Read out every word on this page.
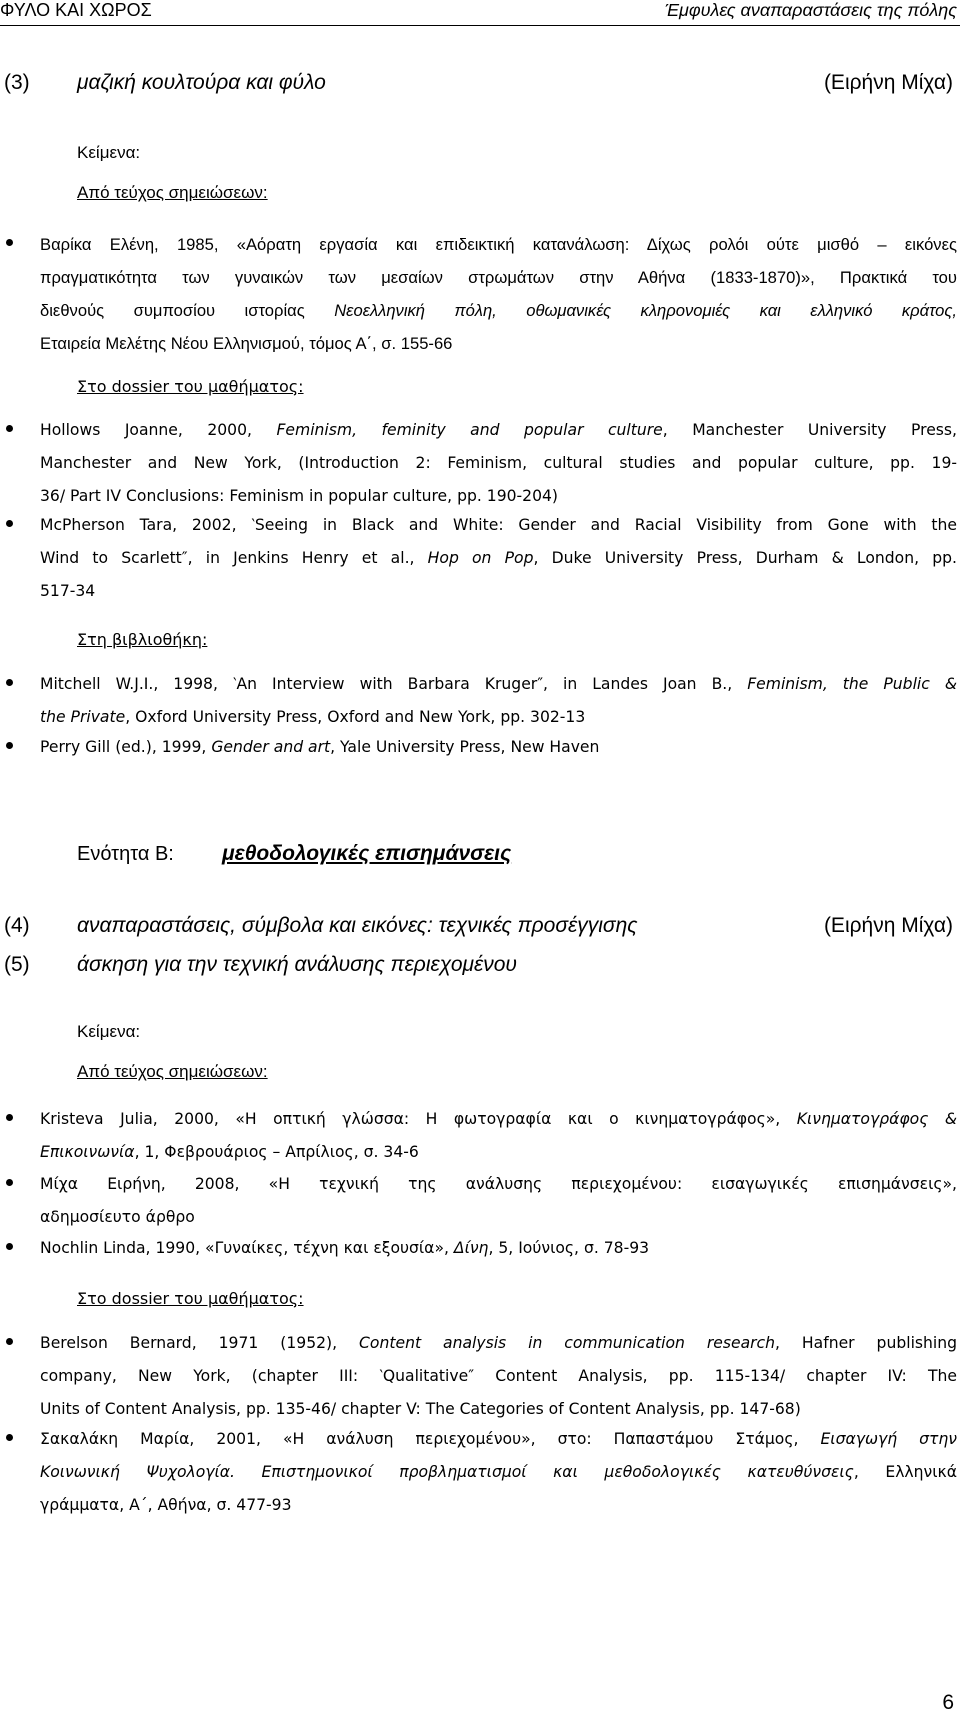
ΦΥΛΟ ΚΑΙ ΧΩΡΟΣ	Έμφυλες αναπαραστάσεις της πόλης
(3) μαζική κουλτούρα και φύλο	(Ειρήνη Μίχα)
Κείμενα:
Από τεύχος σημειώσεων:
Βαρίκα Ελένη, 1985, «Αόρατη εργασία και επιδεικτική κατανάλωση: Δίχως ρολόι ούτε μισθό – εικόνες
πραγματικότητα των γυναικών των μεσαίων στρωμάτων στην Αθήνα (1833-1870)», Πρακτικά του
διεθνούς συμποσίου ιστορίας Νεοελληνική πόλη, οθωμανικές κληρονομιές και ελληνικό κράτος,
Εταιρεία Μελέτης Νέου Ελληνισμού, τόμος Α΄, σ. 155-66
Στο dossier του μαθήματος:
Hollows Joanne, 2000, Feminism, feminity and popular culture, Manchester University Press,
Manchester and New York, (Introduction 2: Feminism, cultural studies and popular culture, pp. 19-
36/ Part IV Conclusions: Feminism in popular culture, pp. 190-204)
McPherson Tara, 2002, ‵Seeing in Black and White: Gender and Racial Visibility from Gone with the
Wind to Scarlett″, in Jenkins Henry et al., Hop on Pop, Duke University Press, Durham & London, pp.
517-34
Στη βιβλιοθήκη:
Mitchell W.J.I., 1998, ‵An Interview with Barbara Kruger″, in Landes Joan B., Feminism, the Public &
the Private, Oxford University Press, Oxford and New York, pp. 302-13
Perry Gill (ed.), 1999, Gender and art, Yale University Press, New Haven
Ενότητα Β: μεθοδολογικές επισημάνσεις
(4) αναπαραστάσεις, σύμβολα και εικόνες: τεχνικές προσέγγισης	(Ειρήνη Μίχα)
(5) άσκηση για την τεχνική ανάλυσης περιεχομένου
Κείμενα:
Από τεύχος σημειώσεων:
Kristeva Julia, 2000, «Η οπτική γλώσσα: Η φωτογραφία και ο κινηματογράφος», Κινηματογράφος &
Επικοινωνία, 1, Φεβρουάριος – Απρίλιος, σ. 34-6
Μίχα Ειρήνη, 2008, «Η τεχνική της ανάλυσης περιεχομένου: εισαγωγικές επισημάνσεις»,
αδημοσίευτο άρθρο
Nochlin Linda, 1990, «Γυναίκες, τέχνη και εξουσία», Δίνη, 5, Ιούνιος, σ. 78-93
Στο dossier του μαθήματος:
Berelson Bernard, 1971 (1952), Content analysis in communication research, Hafner publishing
company, New York, (chapter III: ‵Qualitative″ Content Analysis, pp. 115-134/ chapter IV: The
Units of Content Analysis, pp. 135-46/ chapter V: The Categories of Content Analysis, pp. 147-68)
Σακαλάκη Μαρία, 2001, «Η ανάλυση περιεχομένου», στο: Παπαστάμου Στάμος, Εισαγωγή στην
Κοινωνική Ψυχολογία. Επιστημονικοί προβληματισμοί και μεθοδολογικές κατευθύνσεις, Ελληνικά
γράμματα, Α΄, Αθήνα, σ. 477-93
6
